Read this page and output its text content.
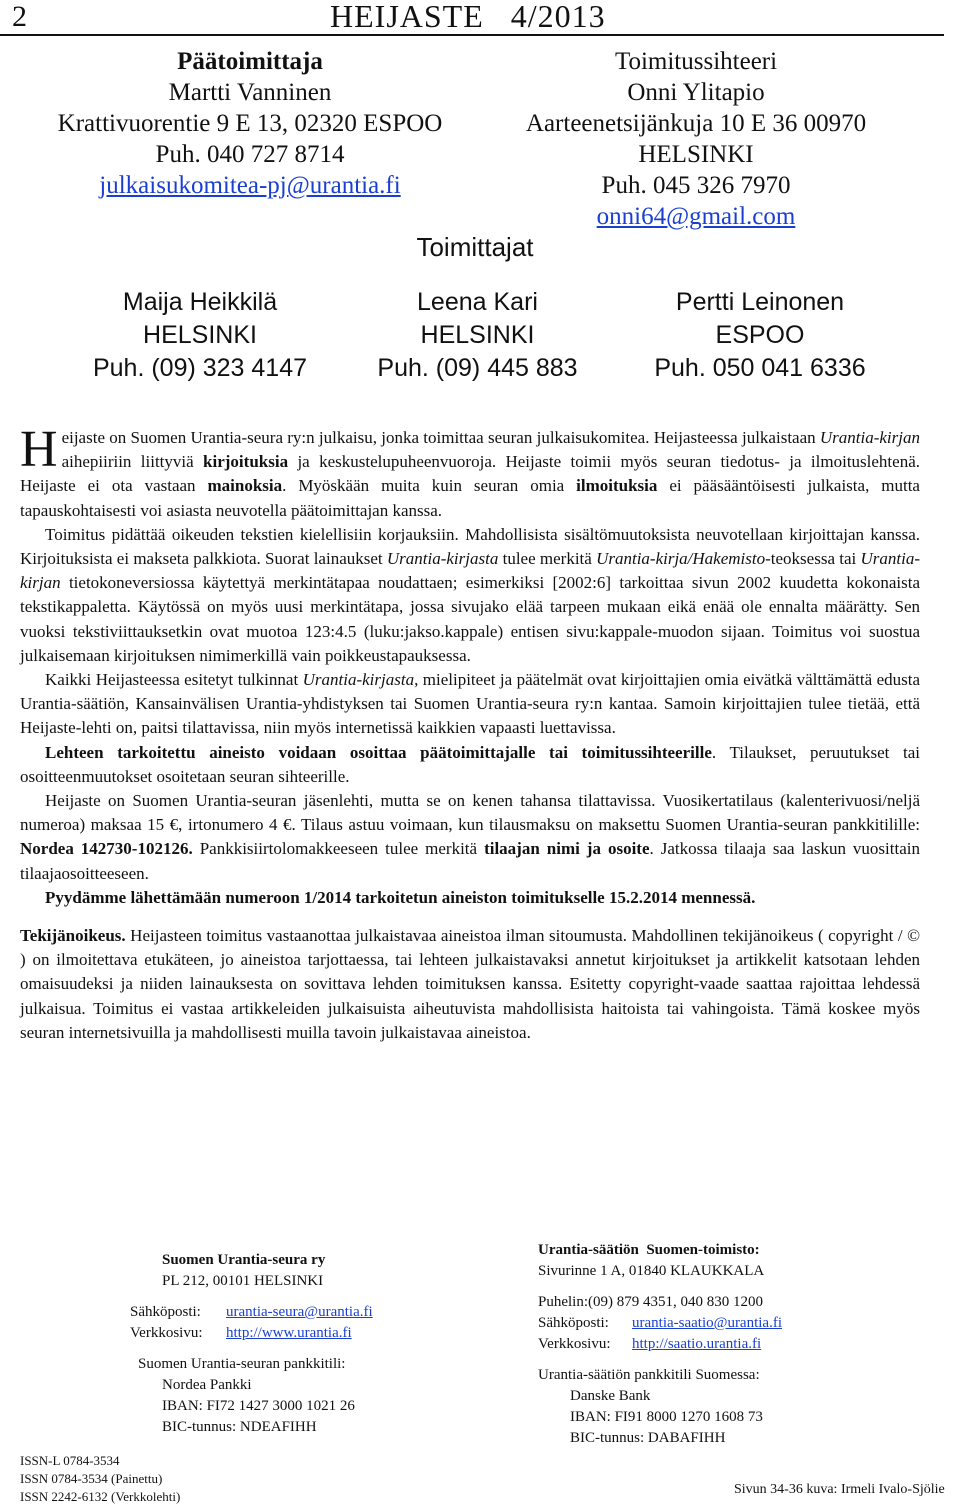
2	HEIJASTE   4/2013
Päätoimittaja
Martti Vanninen
Krattivuorentie 9 E 13, 02320 ESPOO
Puh. 040 727 8714
julkaisukomitea-pj@urantia.fi
Toimitussihteeri
Onni Ylitapio
Aarteenetsijänkuja 10 E 36 00970 HELSINKI
Puh. 045 326 7970
onni64@gmail.com
Toimittajat
Maija Heikkilä
HELSINKI
Puh. (09) 323 4147
Leena Kari
HELSINKI
Puh. (09) 445 883
Pertti Leinonen
ESPOO
Puh. 050 041 6336

Heijaste on Suomen Urantia-seura ry:n julkaisu, jonka toimittaa seuran julkaisukomitea. Heijasteessa julkaistaan Urantia-kirjan aihepiiriin liittyviä kirjoituksia ja keskustelupuheenvuoroja. Heijaste toimii myös seuran tiedotus- ja ilmoituslehtenä. Heijaste ei ota vastaan mainoksia. Myöskään muita kuin seuran omia ilmoituksia ei pääsääntöisesti julkaista, mutta tapauskohtaisesti voi asiasta neuvotella päätoimittajan kanssa.

Toimitus pidättää oikeuden tekstien kielellisiin korjauksiin. Mahdollisista sisältömuutoksista neuvotellaan kirjoittajan kanssa. Kirjoituksista ei makseta palkkiota. Suorat lainaukset Urantia-kirjasta tulee merkitä Urantia-kirja/Hakemisto-teoksessa tai Urantia-kirjan tietokoneversiossa käytettyä merkintätapaa noudattaen; esimerkiksi [2002:6] tarkoittaa sivun 2002 kuudetta kokonaista tekstikappaletta. Käytössä on myös uusi merkintätapa, jossa sivujako elää tarpeen mukaan eikä enää ole ennalta määrätty. Sen vuoksi tekstiviittauksetkin ovat muotoa 123:4.5 (luku:jakso.kappale) entisen sivu:kappale-muodon sijaan. Toimitus voi suostua julkaisemaan kirjoituksen nimimerkillä vain poikkeustapauksessa.

Kaikki Heijasteessa esitetyt tulkinnat Urantia-kirjasta, mielipiteet ja päätelmät ovat kirjoittajien omia eivätkä välttämättä edusta Urantia-säätiön, Kansainvälisen Urantia-yhdistyksen tai Suomen Urantia-seura ry:n kantaa. Samoin kirjoittajien tulee tietää, että Heijaste-lehti on, paitsi tilattavissa, niin myös internetissä kaikkien vapaasti luettavissa.

Lehteen tarkoitettu aineisto voidaan osoittaa päätoimittajalle tai toimitussihteerille. Tilaukset, peruutukset tai osoitteenmuutokset osoitetaan seuran sihteerille.

Heijaste on Suomen Urantia-seuran jäsenlehti, mutta se on kenen tahansa tilattavissa. Vuosikertatilaus (kalenterivuosi/neljä numeroa) maksaa 15 €, irtonumero 4 €. Tilaus astuu voimaan, kun tilausmaksu on maksettu Suomen Urantia-seuran pankkitilille: Nordea 142730-102126. Pankkisiirtolomakkeeseen tulee merkitä tilaajan nimi ja osoite. Jatkossa tilaaja saa laskun vuosittain tilaajaosoitteeseen.

Pyydämme lähettämään numeroon 1/2014 tarkoitetun aineiston toimitukselle 15.2.2014 mennessä.

Tekijänoikeus. Heijasteen toimitus vastaanottaa julkaistavaa aineistoa ilman sitoumusta. Mahdollinen tekijänoikeus ( copyright / © ) on ilmoitettava etukäteen, jo aineistoa tarjottaessa, tai lehteen julkaistavaksi annetut kirjoitukset ja artikkelit katsotaan lehden omaisuudeksi ja niiden lainauksesta on sovittava lehden toimituksen kanssa. Esitetty copyright-vaade saattaa rajoittaa lehdessä julkaisua. Toimitus ei vastaa artikkeleiden julkaisuista aiheutuvista mahdollisista haitoista tai vahingoista. Tämä koskee myös seuran internetsivuilla ja mahdollisesti muilla tavoin julkaistavaa aineistoa.

Suomen Urantia-seura ry
PL 212, 00101 HELSINKI
Sähköposti: urantia-seura@urantia.fi
Verkkosivu: http://www.urantia.fi
Suomen Urantia-seuran pankkitili:
Nordea Pankki
IBAN: FI72 1427 3000 1021 26
BIC-tunnus: NDEAFIHH
Urantia-säätiön  Suomen-toimisto:
Sivurinne 1 A, 01840 KLAUKKALA
Puhelin:(09) 879 4351, 040 830 1200
Sähköposti: urantia-saatio@urantia.fi
Verkkosivu: http://saatio.urantia.fi
Urantia-säätiön pankkitili Suomessa:
Danske Bank
IBAN: FI91 8000 1270 1608 73
BIC-tunnus: DABAFIHH
ISSN-L 0784-3534
ISSN 0784-3534 (Painettu)
ISSN 2242-6132 (Verkkolehti)	Sivun 34-36 kuva: Irmeli Ivalo-Sjölie
